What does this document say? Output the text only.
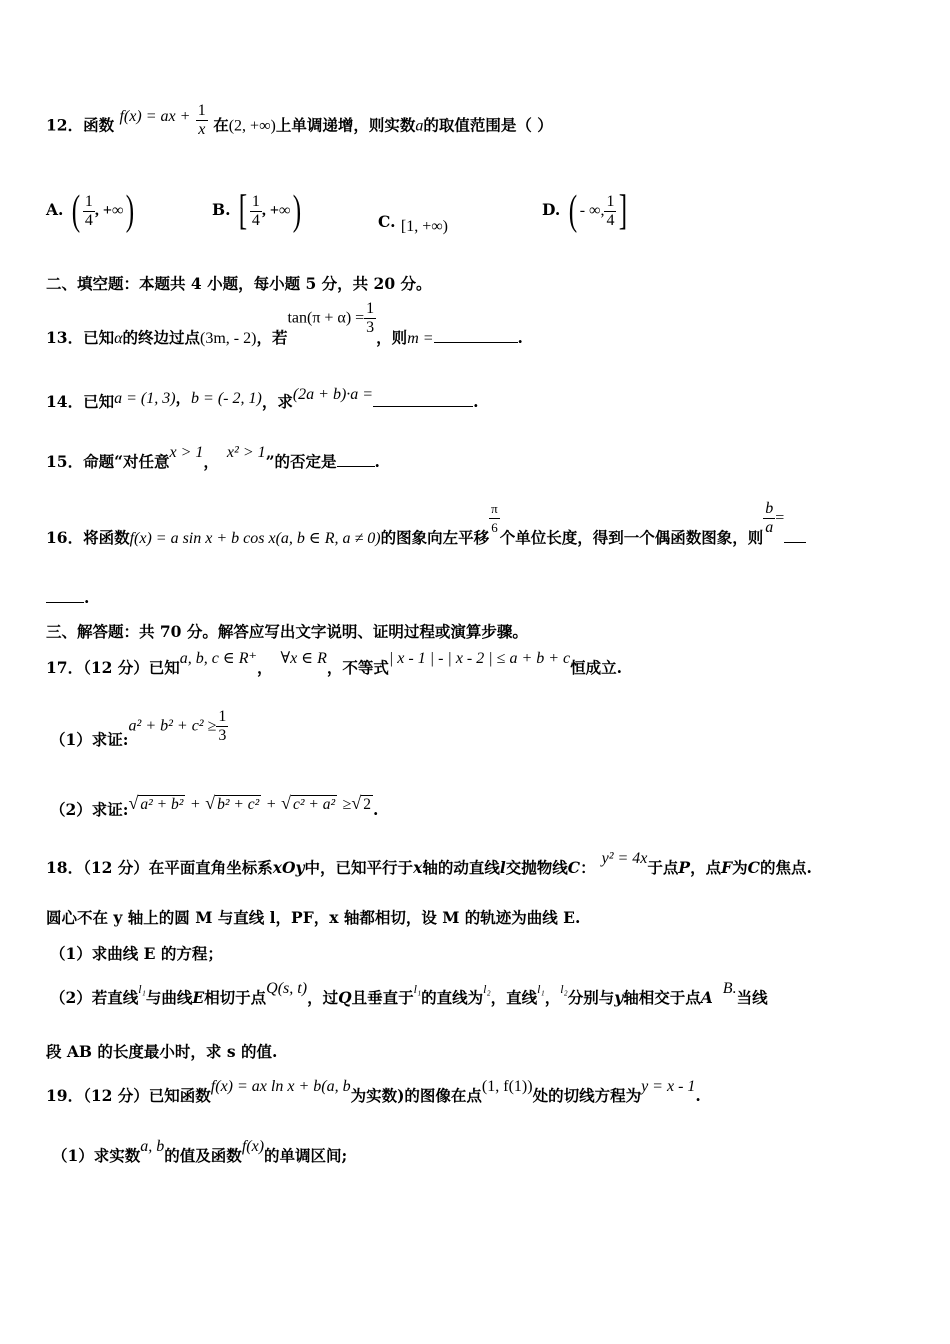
12．函数 f(x) = ax + $\frac{1}{x}$ 在(2, +∞)上单调递增，则实数a的取值范围是（ ）
A. ( $\frac{1}{4}$ , +∞)	B. [ $\frac{1}{4}$ , +∞)	C. [1, +∞)
D. ( - ∞, $\frac{1}{4}$ ]
二、填空题：本题共 4 小题，每小题 5 分，共 20 分。
13．已知α的终边过点(3m, - 2)，若$\tan(\pi + \alpha) = \frac{1}{3}$ ，则m =	.
14．已知a = (1, 3)，b = (- 2, 1)，求(2a + b)·a =	.
15．命题“对任意x > 1， x² > 1”的否定是 .
16．将函数f(x) = a sin x + b cos x(a, b ∈ R, a ≠ 0)的图象向左平移 $\frac{\pi}{6}$ 个单位长度，得到一个偶函数图象，则 $\frac{b}{a}$ =
.
三、解答题：共 70 分。解答应写出文字说明、证明过程或演算步骤。
17．（12 分）已知a, b, c ∈ R⁺， ∀x ∈ R，不等式| x - 1 | - | x - 2 | ≤ a + b + c恒成立.
（1）求证:a² + $b^2 + c^2 \ge \frac{1}{3}$
（2）求证:√ a² + b² + √ b² + c² + √ c² + a² ≥√ 2 .
18．（12 分）在平面直角坐标系xOy中，已知平行于x轴的动直线l交抛物线C： y² = 4x于点P，点F为C的焦点.
圆心不在 y 轴上的圆 M 与直线 l，PF，x 轴都相切，设 M 的轨迹为曲线 E.
（1）求曲线 E 的方程；
（2）若直线$^{l_1}$与曲线E相切于点Q(s, t)，过Q且垂直于$^{l_1}$的直线为$^{l_2}$，直线$^{l_1}$，$^{l_2}$分别与y轴相交于点A B.当线
段 AB 的长度最小时，求 s 的值.
19．（12 分）已知函数f(x) = ax ln x + b(a, b为实数)的图像在点(1, f(1))处的切线方程为y = x - 1.
（1）求实数a, b的值及函数f(x)的单调区间;
